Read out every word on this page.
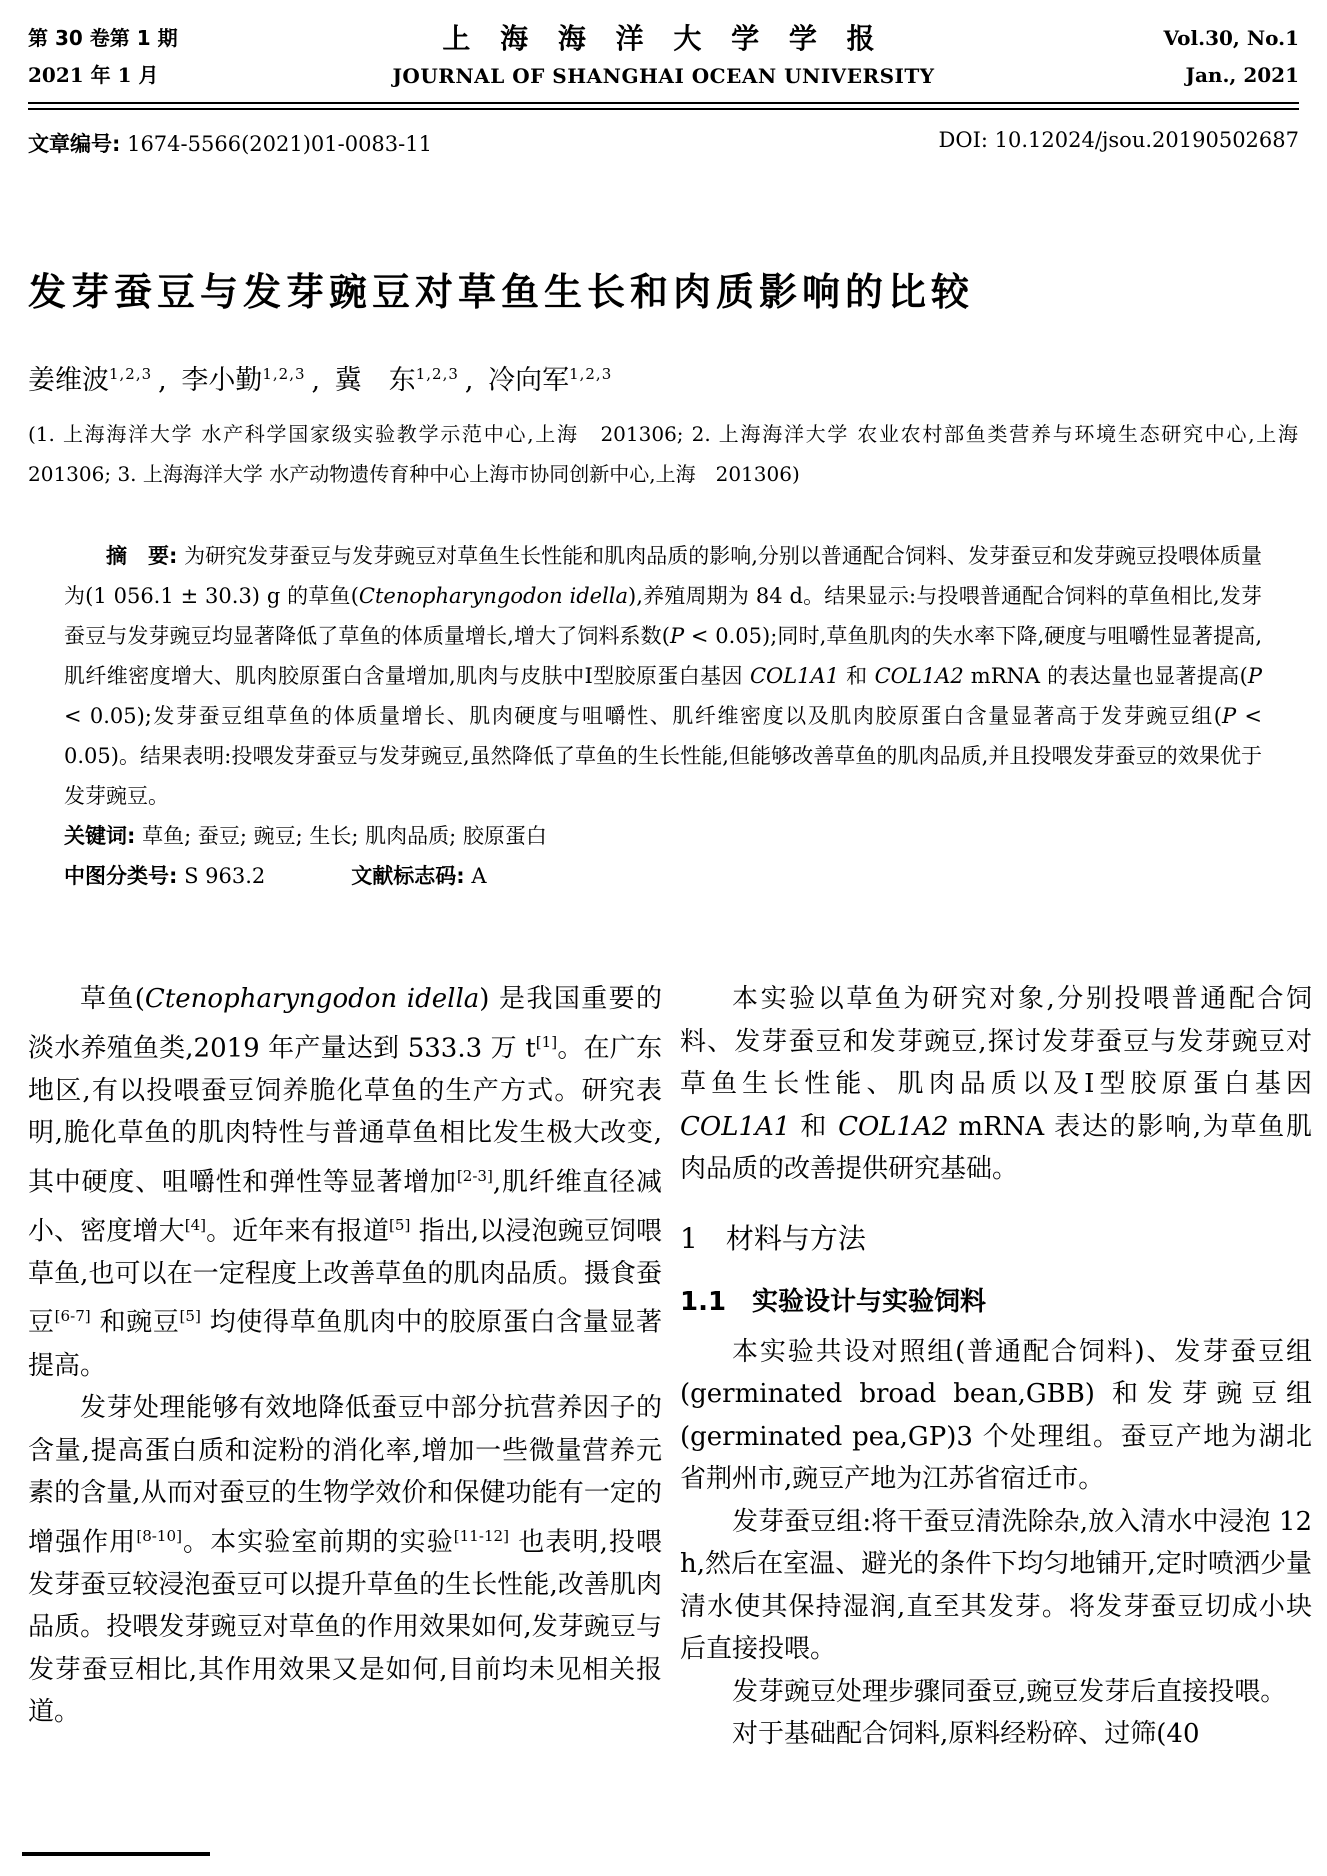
第 30 卷第 1 期
2021 年 1 月
上 海 海 洋 大 学 学 报
JOURNAL OF SHANGHAI OCEAN UNIVERSITY
Vol.30, No.1
Jan., 2021
文章编号: 1674-5566(2021)01-0083-11	DOI: 10.12024/jsou.20190502687
发芽蚕豆与发芽豌豆对草鱼生长和肉质影响的比较
姜维波$^{1,2,3}$ , 李小勤$^{1,2,3}$ , 冀　东$^{1,2,3}$ , 冷向军$^{1,2,3}$
(1. 上海海洋大学 水产科学国家级实验教学示范中心,上海　201306; 2. 上海海洋大学 农业农村部鱼类营养与环境生态研究中心,上海　201306; 3. 上海海洋大学 水产动物遗传育种中心上海市协同创新中心,上海　201306)

摘　要: 为研究发芽蚕豆与发芽豌豆对草鱼生长性能和肌肉品质的影响,分别以普通配合饲料、发芽蚕豆和发芽豌豆投喂体质量为(1 056.1 ± 30.3) g 的草鱼(Ctenopharyngodon idella),养殖周期为 84 d。结果显示:与投喂普通配合饲料的草鱼相比,发芽蚕豆与发芽豌豆均显著降低了草鱼的体质量增长,增大了饲料系数(P < 0.05);同时,草鱼肌肉的失水率下降,硬度与咀嚼性显著提高,肌纤维密度增大、肌肉胶原蛋白含量增加,肌肉与皮肤中Ⅰ型胶原蛋白基因 COL1A1 和 COL1A2 mRNA 的表达量也显著提高(P < 0.05);发芽蚕豆组草鱼的体质量增长、肌肉硬度与咀嚼性、肌纤维密度以及肌肉胶原蛋白含量显著高于发芽豌豆组(P < 0.05)。结果表明:投喂发芽蚕豆与发芽豌豆,虽然降低了草鱼的生长性能,但能够改善草鱼的肌肉品质,并且投喂发芽蚕豆的效果优于发芽豌豆。

关键词: 草鱼; 蚕豆; 豌豆; 生长; 肌肉品质; 胶原蛋白

中图分类号: S 963.2	文献标志码: A

草鱼(Ctenopharyngodon idella) 是我国重要的淡水养殖鱼类,2019 年产量达到 533.3 万 t[1]。在广东地区,有以投喂蚕豆饲养脆化草鱼的生产方式。研究表明,脆化草鱼的肌肉特性与普通草鱼相比发生极大改变,其中硬度、咀嚼性和弹性等显著增加[2-3],肌纤维直径减小、密度增大[4]。近年来有报道[5] 指出,以浸泡豌豆饲喂草鱼,也可以在一定程度上改善草鱼的肌肉品质。摄食蚕豆[6-7] 和豌豆[5] 均使得草鱼肌肉中的胶原蛋白含量显著提高。

发芽处理能够有效地降低蚕豆中部分抗营养因子的含量,提高蛋白质和淀粉的消化率,增加一些微量营养元素的含量,从而对蚕豆的生物学效价和保健功能有一定的增强作用[8-10]。本实验室前期的实验[11-12] 也表明,投喂发芽蚕豆较浸泡蚕豆可以提升草鱼的生长性能,改善肌肉品质。投喂发芽豌豆对草鱼的作用效果如何,发芽豌豆与发芽蚕豆相比,其作用效果又是如何,目前均未见相关报道。

本实验以草鱼为研究对象,分别投喂普通配合饲料、发芽蚕豆和发芽豌豆,探讨发芽蚕豆与发芽豌豆对草鱼生长性能、肌肉品质以及Ⅰ型胶原蛋白基因 COL1A1 和 COL1A2 mRNA 表达的影响,为草鱼肌肉品质的改善提供研究基础。

1　材料与方法

1.1　实验设计与实验饲料

本实验共设对照组(普通配合饲料)、发芽蚕豆组(germinated broad bean,GBB) 和发芽豌豆组(germinated pea,GP)3 个处理组。蚕豆产地为湖北省荆州市,豌豆产地为江苏省宿迁市。

发芽蚕豆组:将干蚕豆清洗除杂,放入清水中浸泡 12 h,然后在室温、避光的条件下均匀地铺开,定时喷洒少量清水使其保持湿润,直至其发芽。将发芽蚕豆切成小块后直接投喂。

发芽豌豆处理步骤同蚕豆,豌豆发芽后直接投喂。

对于基础配合饲料,原料经粉碎、过筛(40
